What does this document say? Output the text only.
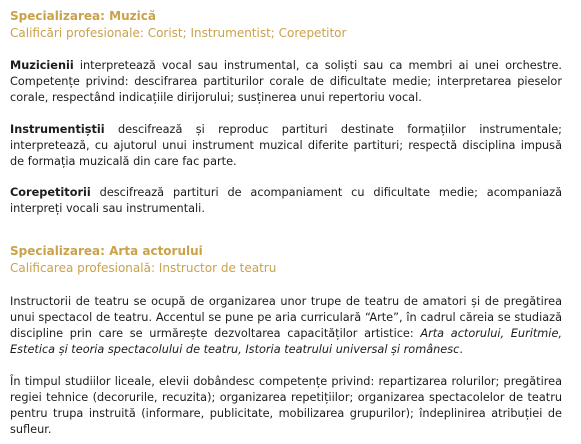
Specializarea: Muzică
Calificări profesionale: Corist; Instrumentist; Corepetitor

Muzicienii interpretează vocal sau instrumental, ca soliști sau ca membri ai unei orchestre. Competențe privind: descifrarea partiturilor corale de dificultate medie; interpretarea pieselor corale, respectând indicațiile dirijorului; susținerea unui repertoriu vocal.

Instrumentiștii descifrează și reproduc partituri destinate formațiilor instrumentale; interpretează, cu ajutorul unui instrument muzical diferite partituri; respectă disciplina impusă de formația muzicală din care fac parte.

Corepetitorii descifrează partituri de acompaniament cu dificultate medie; acompaniază interpreți vocali sau instrumentali.

Specializarea: Arta actorului
Calificarea profesională: Instructor de teatru

Instructorii de teatru se ocupă de organizarea unor trupe de teatru de amatori și de pregătirea unui spectacol de teatru. Accentul se pune pe aria curriculară “Arte”, în cadrul căreia se studiază discipline prin care se urmărește dezvoltarea capacităților artistice: Arta actorului, Euritmie, Estetica și teoria spectacolului de teatru, Istoria teatrului universal și românesc.

În timpul studiilor liceale, elevii dobândesc competențe privind: repartizarea rolurilor; pregătirea regiei tehnice (decorurile, recuzita); organizarea repetițiilor; organizarea spectacolelor de teatru pentru trupa instruită (informare, publicitate, mobilizarea grupurilor); îndeplinirea atribuției de sufleur.
